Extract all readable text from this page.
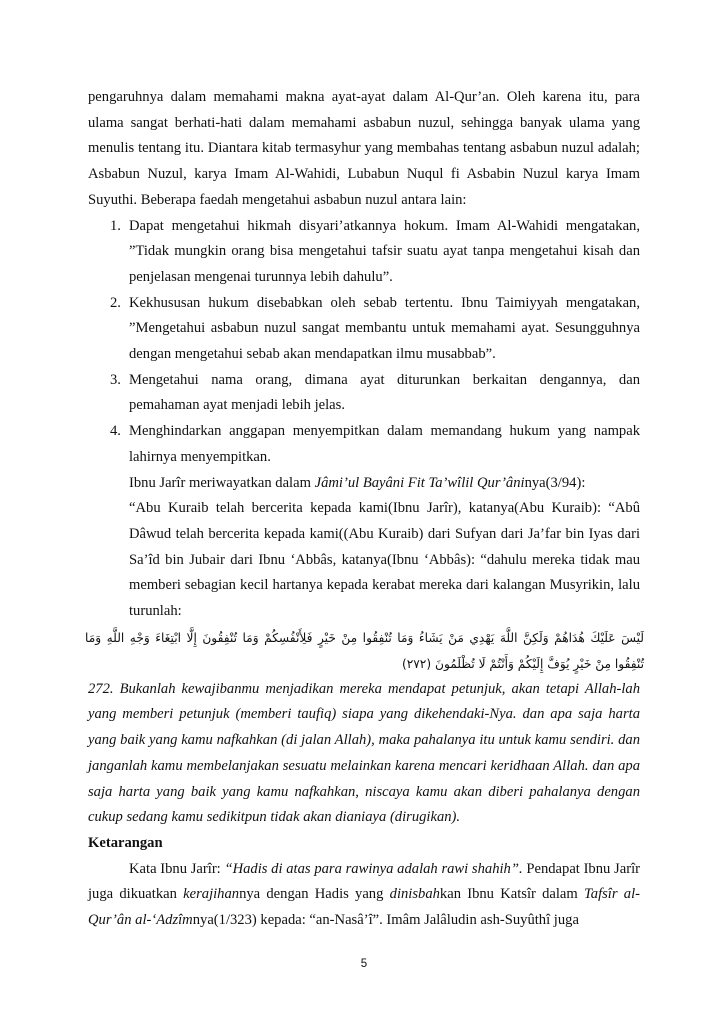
pengaruhnya dalam memahami makna ayat-ayat dalam Al-Qur’an. Oleh karena itu, para ulama sangat berhati-hati dalam memahami asbabun nuzul, sehingga banyak ulama yang menulis tentang itu. Diantara kitab termasyhur yang membahas tentang asbabun nuzul adalah; Asbabun Nuzul, karya Imam Al-Wahidi, Lubabun Nuqul fi Asbabin Nuzul karya Imam Suyuthi. Beberapa faedah mengetahui asbabun nuzul antara lain:
1. Dapat mengetahui hikmah disyari’atkannya hokum. Imam Al-Wahidi mengatakan, ”Tidak mungkin orang bisa mengetahui tafsir suatu ayat tanpa mengetahui kisah dan penjelasan mengenai turunnya lebih dahulu”.
2. Kekhususan hukum disebabkan oleh sebab tertentu. Ibnu Taimiyyah mengatakan, ”Mengetahui asbabun nuzul sangat membantu untuk memahami ayat. Sesungguhnya dengan mengetahui sebab akan mendapatkan ilmu musabbab”.
3. Mengetahui nama orang, dimana ayat diturunkan berkaitan dengannya, dan pemahaman ayat menjadi lebih jelas.
4. Menghindarkan anggapan menyempitkan dalam memandang hukum yang nampak lahirnya menyempitkan.
Ibnu Jarîr meriwayatkan dalam Jâmi’ul Bayâni Fit Ta’wîlil Qur’âninya(3/94):
“Abu Kuraib telah bercerita kepada kami(Ibnu Jarîr), katanya(Abu Kuraib): “Abû Dâwud telah bercerita kepada kami((Abu Kuraib) dari Sufyan dari Ja’far bin Iyas dari Sa’îd bin Jubair dari Ibnu ‘Abbâs, katanya(Ibnu ‘Abbâs): “dahulu mereka tidak mau memberi sebagian kecil hartanya kepada kerabat mereka dari kalangan Musyrikin, lalu turunlah:
لَيْسَ عَلَيْكَ هُدَاهُمْ وَلَكِنَّ اللَّهَ يَهْدِي مَنْ يَشَاءُ وَمَا تُنْفِقُوا مِنْ خَيْرٍ فَلِأَنْفُسِكُمْ وَمَا تُنْفِقُونَ إِلَّا ابْتِغَاءَ وَجْهِ اللَّهِ وَمَا تُنْفِقُوا مِنْ خَيْرٍ يُوَفَّ إِلَيْكُمْ وَأَنْتُمْ لَا تُظْلَمُونَ (٢٧٢)
272. Bukanlah kewajibanmu menjadikan mereka mendapat petunjuk, akan tetapi Allah-lah yang memberi petunjuk (memberi taufiq) siapa yang dikehendaki-Nya. dan apa saja harta yang baik yang kamu nafkahkan (di jalan Allah), maka pahalanya itu untuk kamu sendiri. dan janganlah kamu membelanjakan sesuatu melainkan karena mencari keridhaan Allah. dan apa saja harta yang baik yang kamu nafkahkan, niscaya kamu akan diberi pahalanya dengan cukup sedang kamu sedikitpun tidak akan dianiaya (dirugikan).
Ketarangan
Kata Ibnu Jarîr: “Hadis di atas para rawinya adalah rawi shahih”. Pendapat Ibnu Jarîr juga dikuatkan kerajihannya dengan Hadis yang dinisbahkan Ibnu Katsîr dalam Tafsîr al-Qur’ân al-‘Adzîmnya(1/323) kepada: “an-Nasâ’î”. Imâm Jalâludin ash-Suyûthî juga
5
